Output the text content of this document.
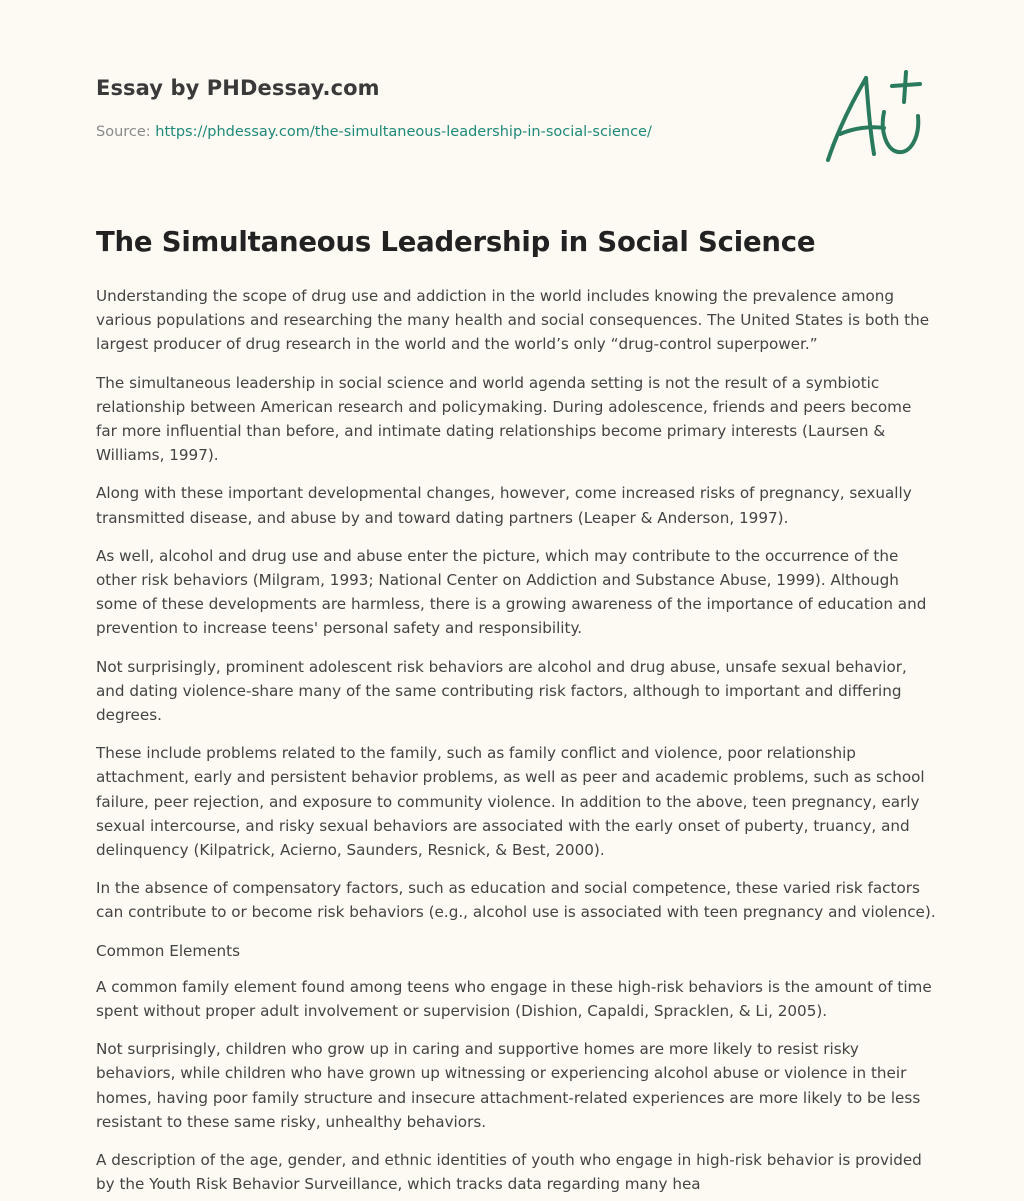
Essay by PHDessay.com

Source: https://phdessay.com/the-simultaneous-leadership-in-social-science/

The Simultaneous Leadership in Social Science

Understanding the scope of drug use and addiction in the world includes knowing the prevalence among various populations and researching the many health and social consequences. The United States is both the largest producer of drug research in the world and the world’s only “drug-control superpower.”

The simultaneous leadership in social science and world agenda setting is not the result of a symbiotic relationship between American research and policymaking. During adolescence, friends and peers become far more influential than before, and intimate dating relationships become primary interests (Laursen & Williams, 1997).

Along with these important developmental changes, however, come increased risks of pregnancy, sexually transmitted disease, and abuse by and toward dating partners (Leaper & Anderson, 1997).

As well, alcohol and drug use and abuse enter the picture, which may contribute to the occurrence of the other risk behaviors (Milgram, 1993; National Center on Addiction and Substance Abuse, 1999). Although some of these developments are harmless, there is a growing awareness of the importance of education and prevention to increase teens' personal safety and responsibility.

Not surprisingly, prominent adolescent risk behaviors are alcohol and drug abuse, unsafe sexual behavior, and dating violence-share many of the same contributing risk factors, although to important and differing degrees.

These include problems related to the family, such as family conflict and violence, poor relationship attachment, early and persistent behavior problems, as well as peer and academic problems, such as school failure, peer rejection, and exposure to community violence. In addition to the above, teen pregnancy, early sexual intercourse, and risky sexual behaviors are associated with the early onset of puberty, truancy, and delinquency (Kilpatrick, Acierno, Saunders, Resnick, & Best, 2000).

In the absence of compensatory factors, such as education and social competence, these varied risk factors can contribute to or become risk behaviors (e.g., alcohol use is associated with teen pregnancy and violence).

Common Elements

A common family element found among teens who engage in these high-risk behaviors is the amount of time spent without proper adult involvement or supervision (Dishion, Capaldi, Spracklen, & Li, 2005).

Not surprisingly, children who grow up in caring and supportive homes are more likely to resist risky behaviors, while children who have grown up witnessing or experiencing alcohol abuse or violence in their homes, having poor family structure and insecure attachment-related experiences are more likely to be less resistant to these same risky, unhealthy behaviors.

A description of the age, gender, and ethnic identities of youth who engage in high-risk behavior is provided by the Youth Risk Behavior Surveillance, which tracks data regarding many hea
